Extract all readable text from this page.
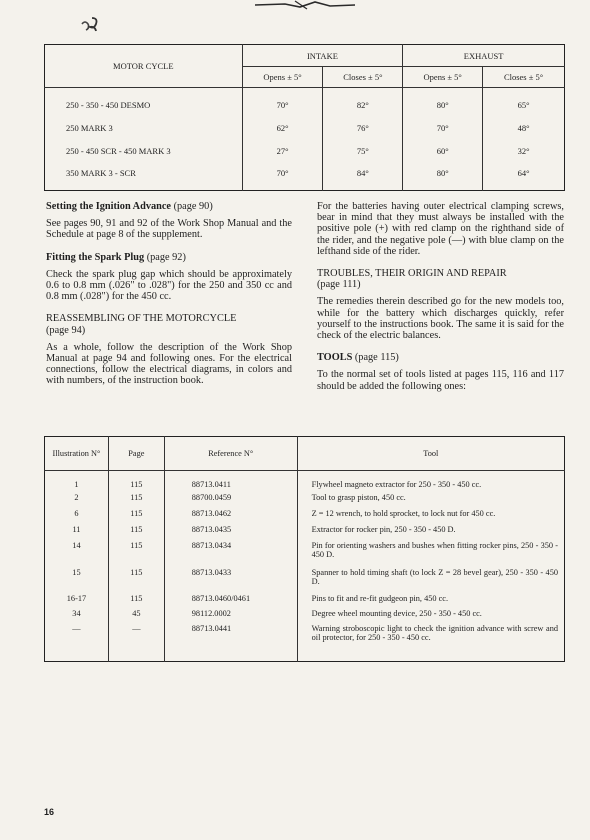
MOTOR CYCLE	INTAKE		EXHAUST	
	Opens ± 5°	Closes ± 5°	Opens ± 5°	Closes ± 5°
250 - 350 - 450 DESMO	70°	82°	80°	65°
250 MARK 3	62°	76°	70°	48°
250 - 450 SCR - 450 MARK 3	27°	75°	60°	32°
350 MARK 3 - SCR	70°	84°	80°	64°

Setting the Ignition Advance (page 90)

See pages 90, 91 and 92 of the Work Shop Manual and the Schedule at page 8 of the supplement.

Fitting the Spark Plug (page 92)

Check the spark plug gap which should be approximately 0.6 to 0.8 mm (.026" to .028") for the 250 and 350 cc and 0.8 mm (.028") for the 450 cc.

REASSEMBLING OF THE MOTORCYCLE

(page 94)

As a whole, follow the description of the Work Shop Manual at page 94 and following ones. For the electrical connections, follow the electrical diagrams, in colors and with numbers, of the instruction book.

For the batteries having outer electrical clamping screws, bear in mind that they must always be installed with the positive pole (+) with red clamp on the righthand side of the rider, and the negative pole (—) with blue clamp on the lefthand side of the rider.

TROUBLES, THEIR ORIGIN AND REPAIR

(page 111)

The remedies therein described go for the new models too, while for the battery which discharges quickly, refer yourself to the instructions book. The same it is said for the check of the electric balances.

TOOLS (page 115)

To the normal set of tools listed at pages 115, 116 and 117 should be added the following ones:

Illustration N°	Page	Reference N°	Tool
1	115	88713.0411	Flywheel magneto extractor for 250 - 350 - 450 cc.
2	115	88700.0459	Tool to grasp piston, 450 cc.
6	115	88713.0462	Z = 12 wrench, to hold sprocket, to lock nut for 450 cc.
11	115	88713.0435	Extractor for rocker pin, 250 - 350 - 450 D.
14	115	88713.0434	Pin for orienting washers and bushes when fitting rocker pins, 250 - 350 - 450 D.
15	115	88713.0433	Spanner to hold timing shaft (to lock Z = 28 bevel gear), 250 - 350 - 450 D.
16-17	115	88713.0460/0461	Pins to fit and re-fit gudgeon pin, 450 cc.
34	45	98112.0002	Degree wheel mounting device, 250 - 350 - 450 cc.
—	—	88713.0441	Warning stroboscopic light to check the ignition advance with screw and oil protector, for 250 - 350 - 450 cc.
16
